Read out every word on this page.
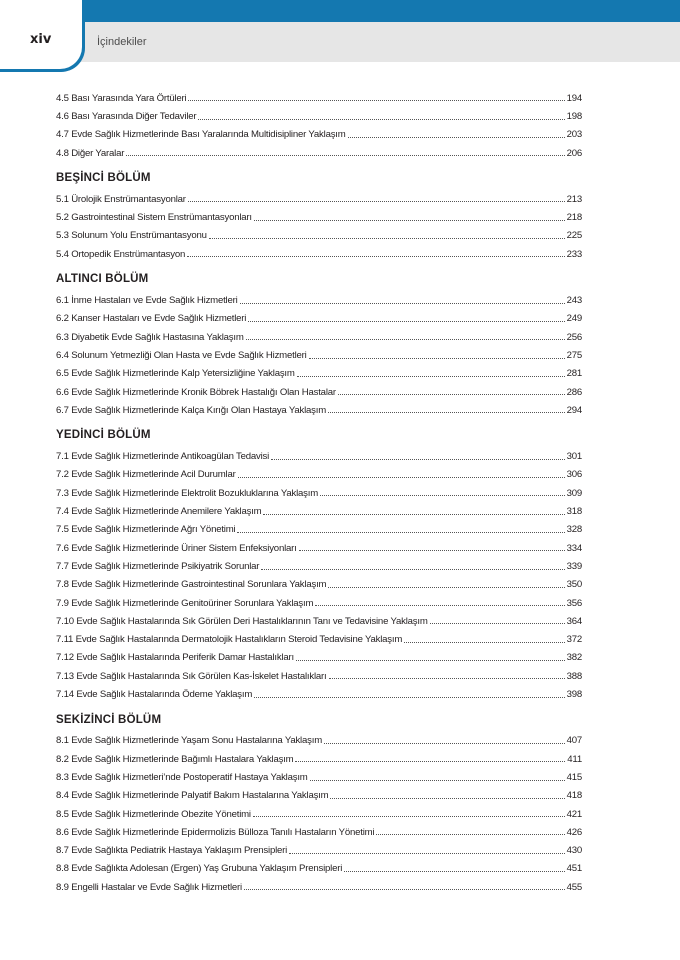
xiv	İçindekiler
4.5 Bası Yarasında Yara Örtüleri	194
4.6 Bası Yarasında Diğer Tedaviler	198
4.7 Evde Sağlık Hizmetlerinde Bası Yaralarında Multidisipliner Yaklaşım	203
4.8 Diğer Yaralar	206
BEŞİNCİ BÖLÜM
5.1 Ürolojik Enstrümantasyonlar	213
5.2 Gastrointestinal Sistem Enstrümantasyonları	218
5.3 Solunum Yolu Enstrümantasyonu	225
5.4 Ortopedik Enstrümantasyon	233
ALTINCI BÖLÜM
6.1 İnme Hastaları ve Evde Sağlık Hizmetleri	243
6.2 Kanser Hastaları ve Evde Sağlık Hizmetleri	249
6.3 Diyabetik Evde Sağlık Hastasına Yaklaşım	256
6.4 Solunum Yetmezliği Olan Hasta ve Evde Sağlık Hizmetleri	275
6.5 Evde Sağlık Hizmetlerinde Kalp Yetersizliğine Yaklaşım	281
6.6 Evde Sağlık Hizmetlerinde Kronik Böbrek Hastalığı Olan Hastalar	286
6.7 Evde Sağlık Hizmetlerinde Kalça Kırığı Olan Hastaya Yaklaşım	294
YEDİNCİ BÖLÜM
7.1 Evde Sağlık Hizmetlerinde Antikoagülan Tedavisi	301
7.2 Evde Sağlık Hizmetlerinde Acil Durumlar	306
7.3 Evde Sağlık Hizmetlerinde Elektrolit Bozukluklarına Yaklaşım	309
7.4 Evde Sağlık Hizmetlerinde Anemilere Yaklaşım	318
7.5 Evde Sağlık Hizmetlerinde Ağrı Yönetimi	328
7.6 Evde Sağlık Hizmetlerinde Üriner Sistem Enfeksiyonları	334
7.7 Evde Sağlık Hizmetlerinde Psikiyatrik Sorunlar	339
7.8 Evde Sağlık Hizmetlerinde Gastrointestinal Sorunlara Yaklaşım	350
7.9 Evde Sağlık Hizmetlerinde Genitoüriner Sorunlara Yaklaşım	356
7.10 Evde Sağlık Hastalarında Sık Görülen Deri Hastalıklarının Tanı ve Tedavisine Yaklaşım	364
7.11 Evde Sağlık Hastalarında Dermatolojik Hastalıkların Steroid Tedavisine Yaklaşım	372
7.12 Evde Sağlık Hastalarında Periferik Damar Hastalıkları	382
7.13 Evde Sağlık Hastalarında Sık Görülen Kas-İskelet Hastalıkları	388
7.14 Evde Sağlık Hastalarında Ödeme Yaklaşım	398
SEKİZİNCİ BÖLÜM
8.1 Evde Sağlık Hizmetlerinde Yaşam Sonu Hastalarına Yaklaşım	407
8.2 Evde Sağlık Hizmetlerinde Bağımlı Hastalara Yaklaşım	411
8.3 Evde Sağlık Hizmetleri’nde Postoperatif Hastaya Yaklaşım	415
8.4 Evde Sağlık Hizmetlerinde Palyatif Bakım Hastalarına Yaklaşım	418
8.5 Evde Sağlık Hizmetlerinde Obezite Yönetimi	421
8.6 Evde Sağlık Hizmetlerinde Epidermolizis Bülloza Tanılı Hastaların Yönetimi	426
8.7 Evde Sağlıkta Pediatrik Hastaya Yaklaşım Prensipleri	430
8.8 Evde Sağlıkta Adolesan (Ergen) Yaş Grubuna Yaklaşım Prensipleri	451
8.9 Engelli Hastalar ve Evde Sağlık Hizmetleri	455
